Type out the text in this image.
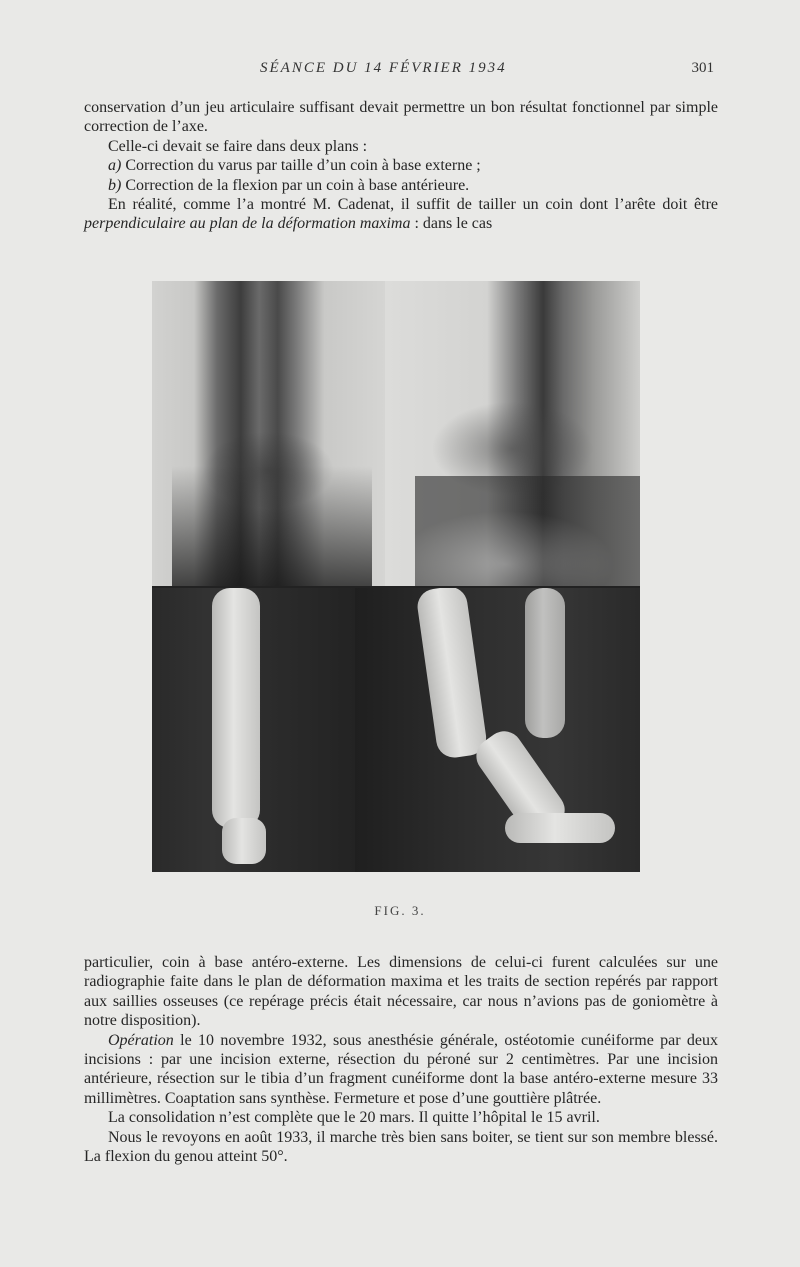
SÉANCE DU 14 FÉVRIER 1934	301

conservation d’un jeu articulaire suffisant devait permettre un bon résultat fonctionnel par simple correction de l’axe.

Celle-ci devait se faire dans deux plans :

a) Correction du varus par taille d’un coin à base externe ;

b) Correction de la flexion par un coin à base antérieure.

En réalité, comme l’a montré M. Cadenat, il suffit de tailler un coin dont l’arête doit être perpendiculaire au plan de la déformation maxima : dans le cas

FIG. 3.

particulier, coin à base antéro-externe. Les dimensions de celui-ci furent calculées sur une radiographie faite dans le plan de déformation maxima et les traits de section repérés par rapport aux saillies osseuses (ce repérage précis était nécessaire, car nous n’avions pas de goniomètre à notre disposition).

Opération le 10 novembre 1932, sous anesthésie générale, ostéotomie cunéiforme par deux incisions : par une incision externe, résection du péroné sur 2 centimètres. Par une incision antérieure, résection sur le tibia d’un fragment cunéiforme dont la base antéro-externe mesure 33 millimètres. Coaptation sans synthèse. Fermeture et pose d’une gouttière plâtrée.

La consolidation n’est complète que le 20 mars. Il quitte l’hôpital le 15 avril.

Nous le revoyons en août 1933, il marche très bien sans boiter, se tient sur son membre blessé. La flexion du genou atteint 50°.
